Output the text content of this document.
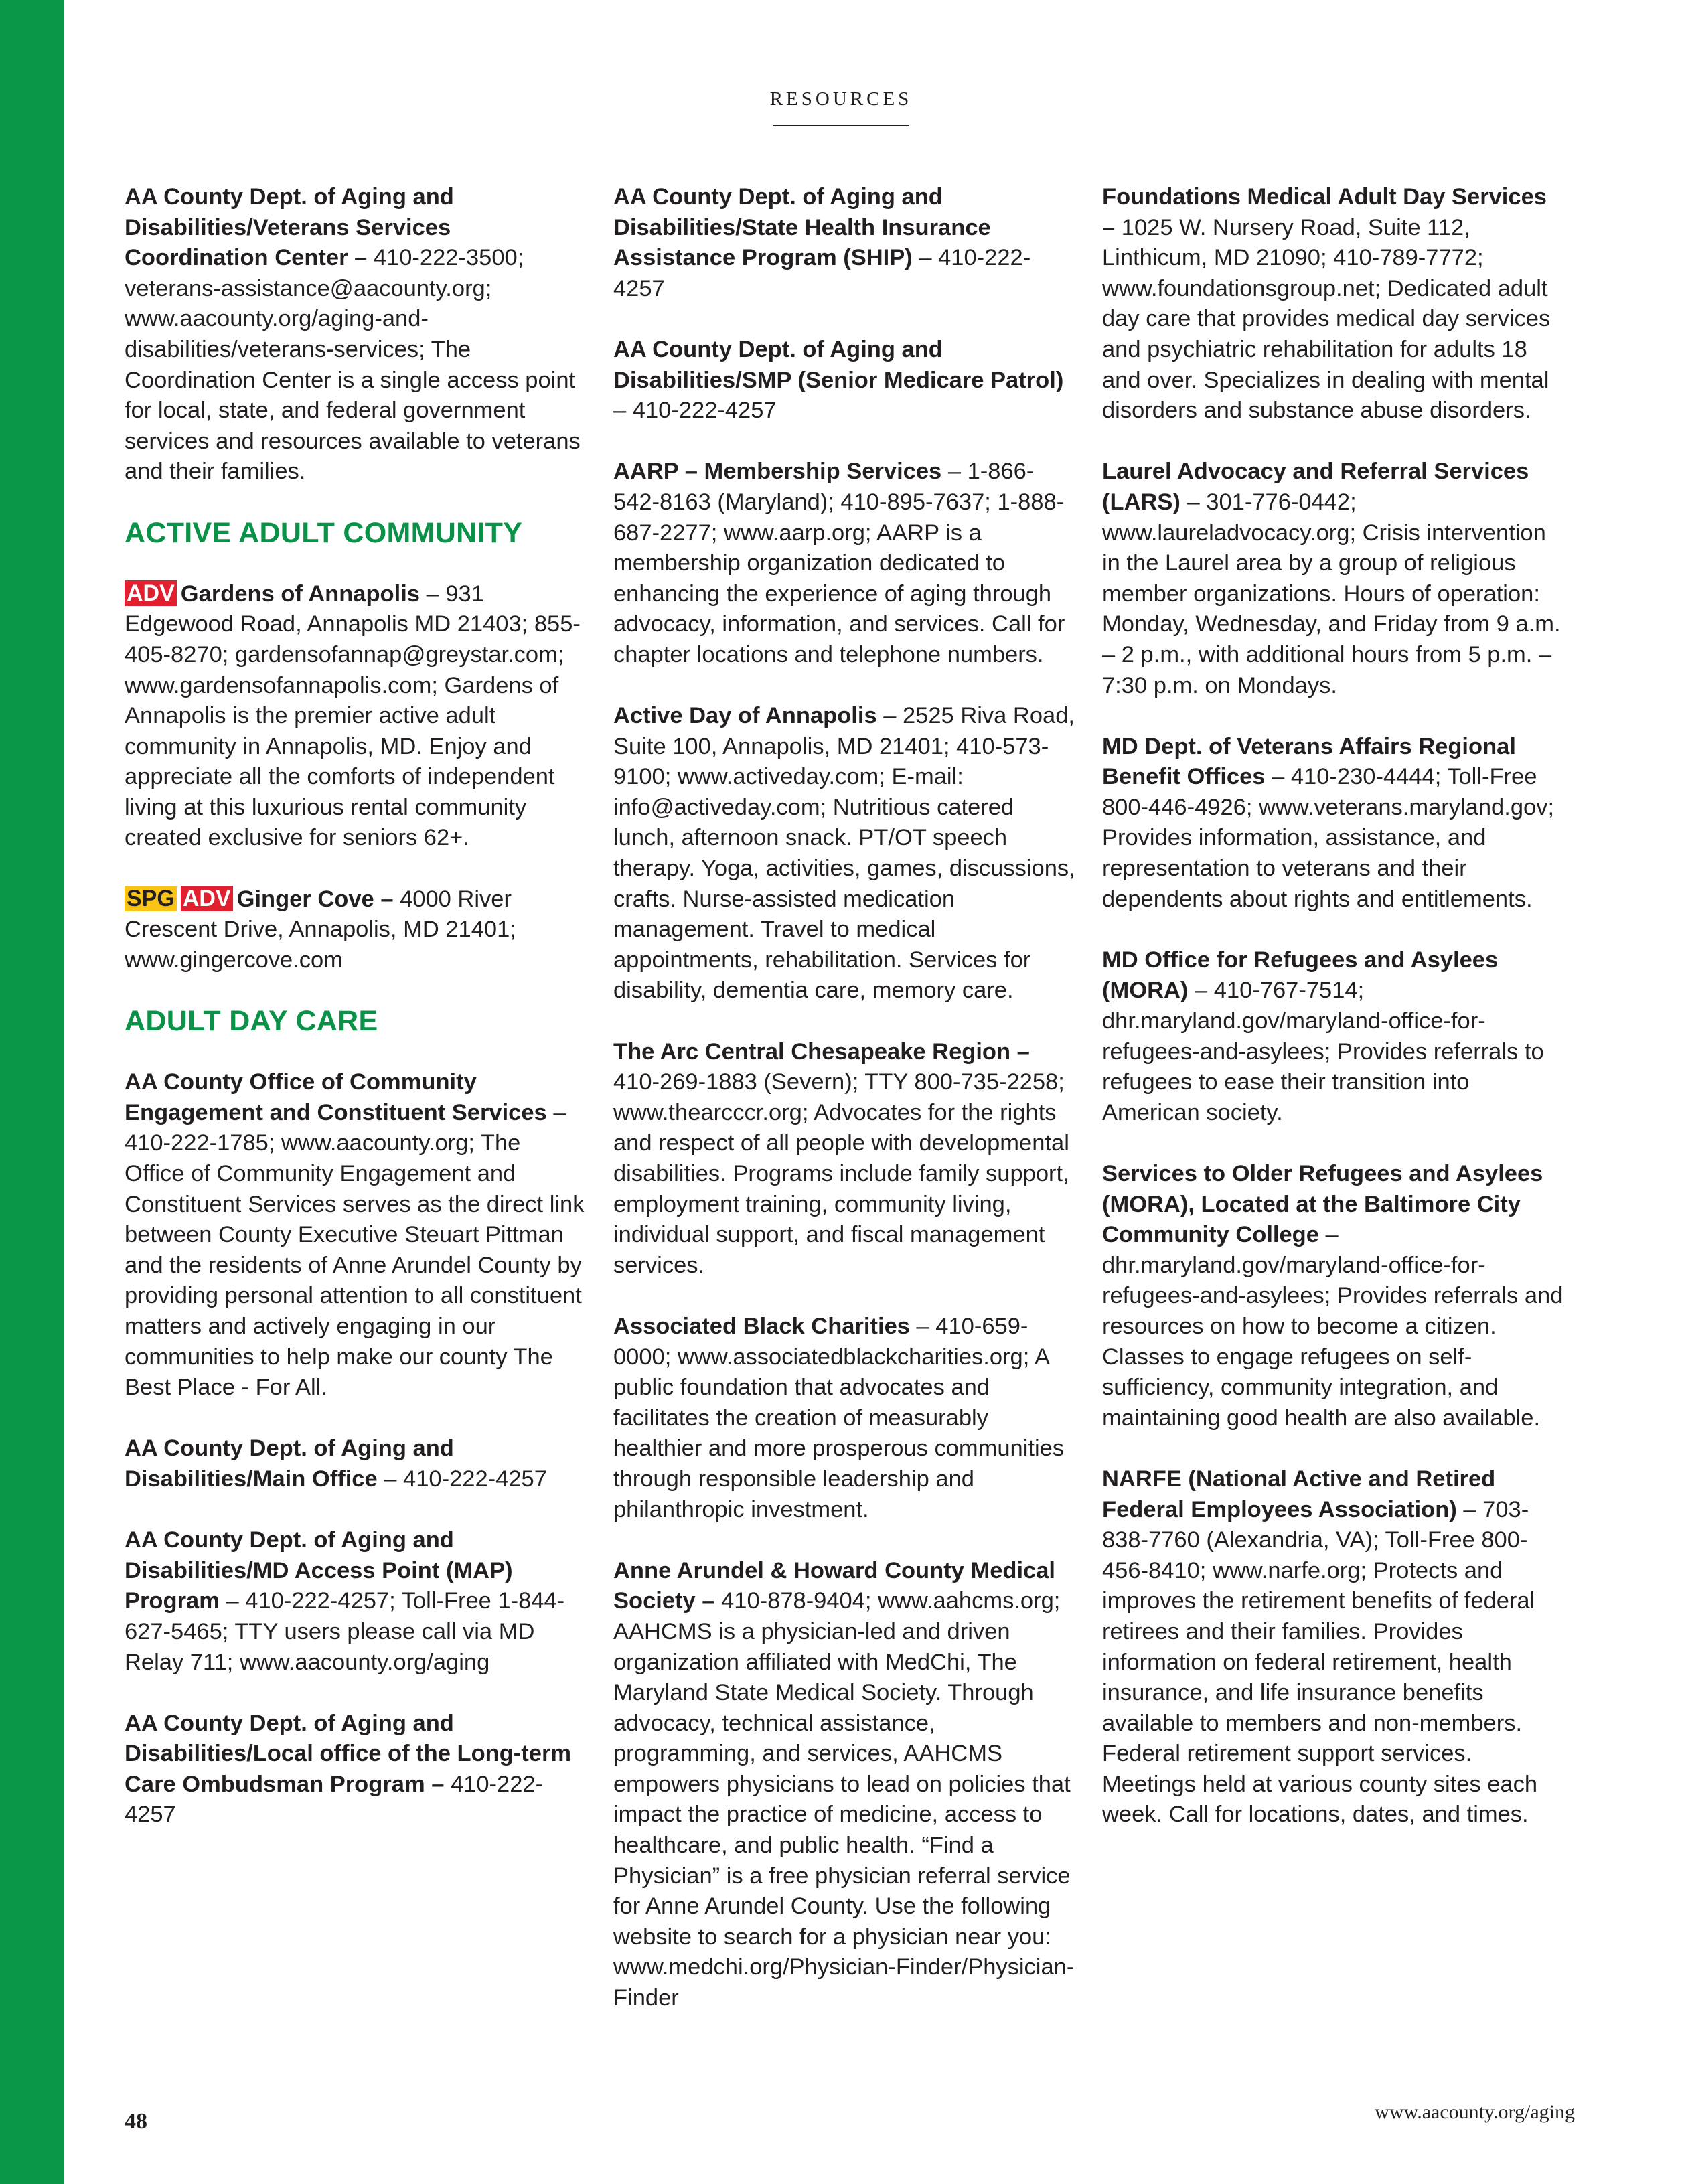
RESOURCES

AA County Dept. of Aging and Disabilities/Veterans Services Coordination Center – 410-222-3500; veterans-assistance@aacounty.org; www.aacounty.org/aging-and-disabilities/veterans-services; The Coordination Center is a single access point for local, state, and federal government services and resources available to veterans and their families.

ACTIVE ADULT COMMUNITY

ADV Gardens of Annapolis – 931 Edgewood Road, Annapolis MD 21403; 855-405-8270; gardensofannap@greystar.com; www.gardensofannapolis.com; Gardens of Annapolis is the premier active adult community in Annapolis, MD. Enjoy and appreciate all the comforts of independent living at this luxurious rental community created exclusive for seniors 62+.

SPG ADV Ginger Cove – 4000 River Crescent Drive, Annapolis, MD 21401; www.gingercove.com

ADULT DAY CARE

AA County Office of Community Engagement and Constituent Services – 410-222-1785; www.aacounty.org; The Office of Community Engagement and Constituent Services serves as the direct link between County Executive Steuart Pittman and the residents of Anne Arundel County by providing personal attention to all constituent matters and actively engaging in our communities to help make our county The Best Place - For All.

AA County Dept. of Aging and Disabilities/Main Office – 410-222-4257

AA County Dept. of Aging and Disabilities/MD Access Point (MAP) Program – 410-222-4257; Toll-Free 1-844-627-5465; TTY users please call via MD Relay 711; www.aacounty.org/aging

AA County Dept. of Aging and Disabilities/Local office of the Long-term Care Ombudsman Program – 410-222-4257

AA County Dept. of Aging and Disabilities/State Health Insurance Assistance Program (SHIP) – 410-222-4257

AA County Dept. of Aging and Disabilities/SMP (Senior Medicare Patrol) – 410-222-4257

AARP – Membership Services – 1-866-542-8163 (Maryland); 410-895-7637; 1-888-687-2277; www.aarp.org; AARP is a membership organization dedicated to enhancing the experience of aging through advocacy, information, and services. Call for chapter locations and telephone numbers.

Active Day of Annapolis – 2525 Riva Road, Suite 100, Annapolis, MD 21401; 410-573-9100; www.activeday.com; E-mail: info@activeday.com; Nutritious catered lunch, afternoon snack. PT/OT speech therapy. Yoga, activities, games, discussions, crafts. Nurse-assisted medication management. Travel to medical appointments, rehabilitation. Services for disability, dementia care, memory care.

The Arc Central Chesapeake Region – 410-269-1883 (Severn); TTY 800-735-2258; www.thearcccr.org; Advocates for the rights and respect of all people with developmental disabilities. Programs include family support, employment training, community living, individual support, and fiscal management services.

Associated Black Charities – 410-659-0000; www.associatedblackcharities.org; A public foundation that advocates and facilitates the creation of measurably healthier and more prosperous communities through responsible leadership and philanthropic investment.

Anne Arundel & Howard County Medical Society – 410-878-9404; www.aahcms.org; AAHCMS is a physician-led and driven organization affiliated with MedChi, The Maryland State Medical Society. Through advocacy, technical assistance, programming, and services, AAHCMS empowers physicians to lead on policies that impact the practice of medicine, access to healthcare, and public health. “Find a Physician” is a free physician referral service for Anne Arundel County. Use the following website to search for a physician near you: www.medchi.org/Physician-Finder/Physician-Finder

Foundations Medical Adult Day Services – 1025 W. Nursery Road, Suite 112, Linthicum, MD 21090; 410-789-7772; www.foundationsgroup.net; Dedicated adult day care that provides medical day services and psychiatric rehabilitation for adults 18 and over. Specializes in dealing with mental disorders and substance abuse disorders.

Laurel Advocacy and Referral Services (LARS) – 301-776-0442; www.laureladvocacy.org; Crisis intervention in the Laurel area by a group of religious member organizations. Hours of operation: Monday, Wednesday, and Friday from 9 a.m. – 2 p.m., with additional hours from 5 p.m. – 7:30 p.m. on Mondays.

MD Dept. of Veterans Affairs Regional Benefit Offices – 410-230-4444; Toll-Free 800-446-4926; www.veterans.maryland.gov; Provides information, assistance, and representation to veterans and their dependents about rights and entitlements.

MD Office for Refugees and Asylees (MORA) – 410-767-7514; dhr.maryland.gov/maryland-office-for-refugees-and-asylees; Provides referrals to refugees to ease their transition into American society.

Services to Older Refugees and Asylees (MORA), Located at the Baltimore City Community College – dhr.maryland.gov/maryland-office-for-refugees-and-asylees; Provides referrals and resources on how to become a citizen. Classes to engage refugees on self-sufficiency, community integration, and maintaining good health are also available.

NARFE (National Active and Retired Federal Employees Association) – 703-838-7760 (Alexandria, VA); Toll-Free 800-456-8410; www.narfe.org; Protects and improves the retirement benefits of federal retirees and their families. Provides information on federal retirement, health insurance, and life insurance benefits available to members and non-members. Federal retirement support services. Meetings held at various county sites each week. Call for locations, dates, and times.

48	www.aacounty.org/aging
